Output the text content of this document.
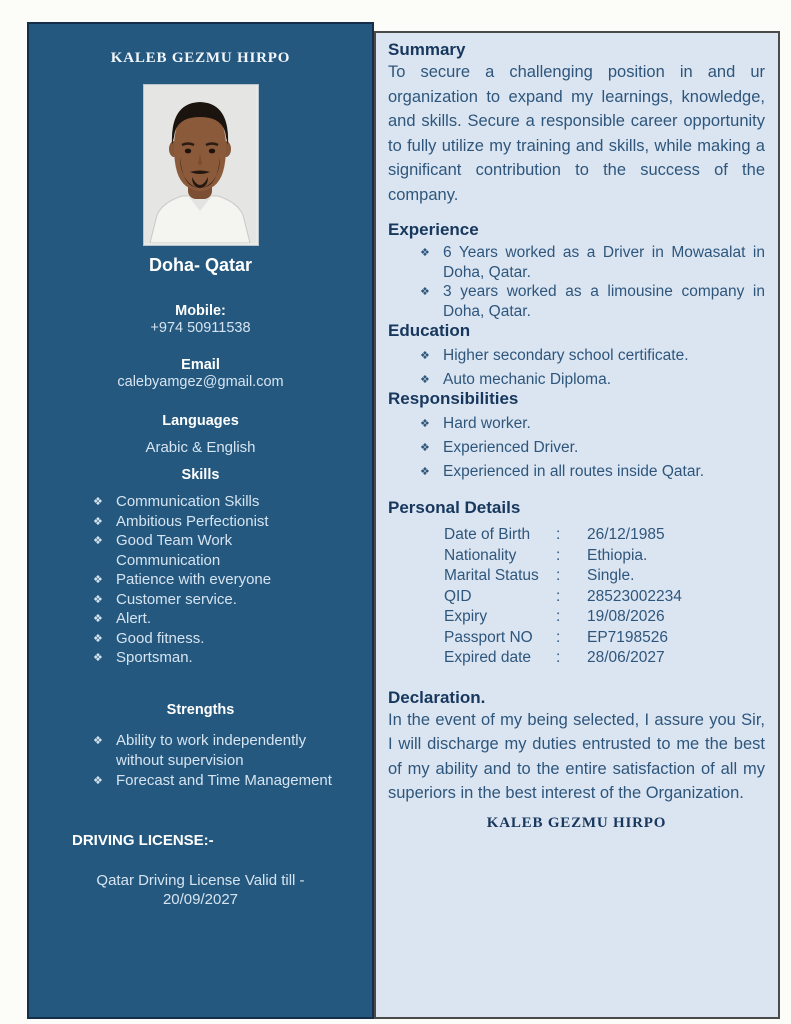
KALEB GEZMU HIRPO
Doha- Qatar
Mobile:
+974 50911538
Email
calebyamgez@gmail.com
Languages
Arabic & English
Skills
❖ Communication Skills
❖ Ambitious Perfectionist
❖ Good Team Work Communication
❖ Patience with everyone
❖ Customer service.
❖ Alert.
❖ Good fitness.
❖ Sportsman.
Strengths
❖ Ability to work independently without supervision
❖ Forecast and Time Management
DRIVING LICENSE:-
Qatar Driving License Valid till - 20/09/2027
Summary
To secure a challenging position in and ur organization to expand my learnings, knowledge, and skills. Secure a responsible career opportunity to fully utilize my training and skills, while making a significant contribution to the success of the company.
Experience
❖ 6 Years worked as a Driver in Mowasalat in Doha, Qatar.
❖ 3 years worked as a limousine company in Doha, Qatar.
Education
❖ Higher secondary school certificate.
❖ Auto mechanic Diploma.
Responsibilities
❖ Hard worker.
❖ Experienced Driver.
❖ Experienced in all routes inside Qatar.
Personal Details
Date of Birth	:	26/12/1985
Nationality	:	Ethiopia.
Marital Status	:	Single.
QID	:	28523002234
Expiry	:	19/08/2026
Passport NO	:	EP7198526
Expired date	:	28/06/2027
Declaration.
In the event of my being selected, I assure you Sir, I will discharge my duties entrusted to me the best of my ability and to the entire satisfaction of all my superiors in the best interest of the Organization.
KALEB GEZMU HIRPO
